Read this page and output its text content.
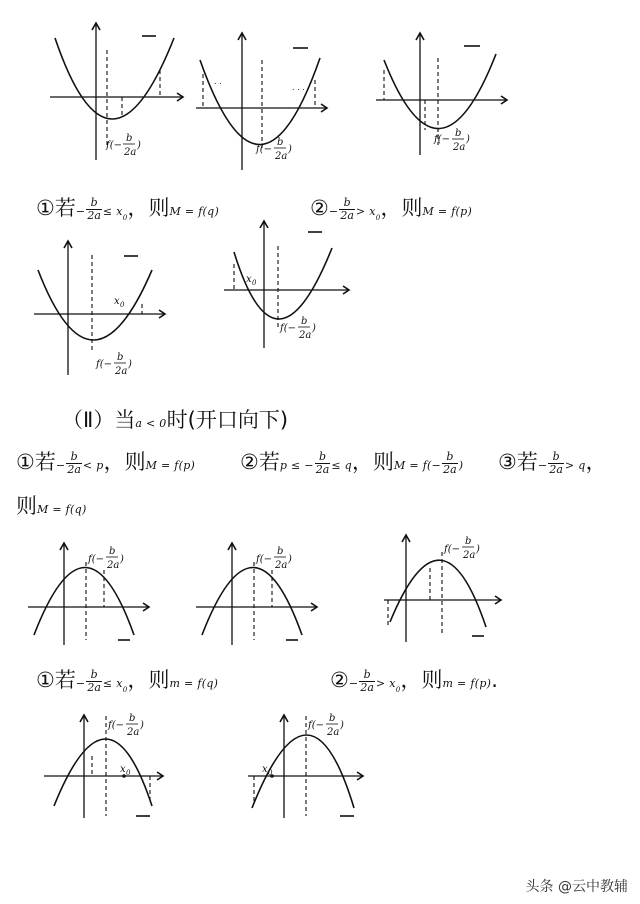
f(−
b
2a
)
. .
. . .
f(−
b
2a
)
f(−
b
2a
)
①若− $\frac{b}{2a} \le x_0$，则M = f(q)	②− $\frac{b}{2a} > x_0$，则M = f(p)
x 0
f(−
b
2a
)
x 0
f(−
b
2a
)
（Ⅱ）当a < 0时(开口向下)
①若− $\frac{b}{2a} < p$，则M = f(p) ②若p ≤ − $\frac{b}{2a} \le q$，则$M = f(- \frac{b}{2a}$ ) ③若− $\frac{b}{2a} > q$，
则M = f(q)
f(−
b
2a
)	f(−
b
2a
)
f(−
b
2a
)
①若− $\frac{b}{2a} \le x_0$，则m = f(q)	②− $\frac{b}{2a} > x_0$，则m = f(p).
x 0
f(−
b
2a
)
x 0
f(−
b
2a
)
头条 @云中教辅
